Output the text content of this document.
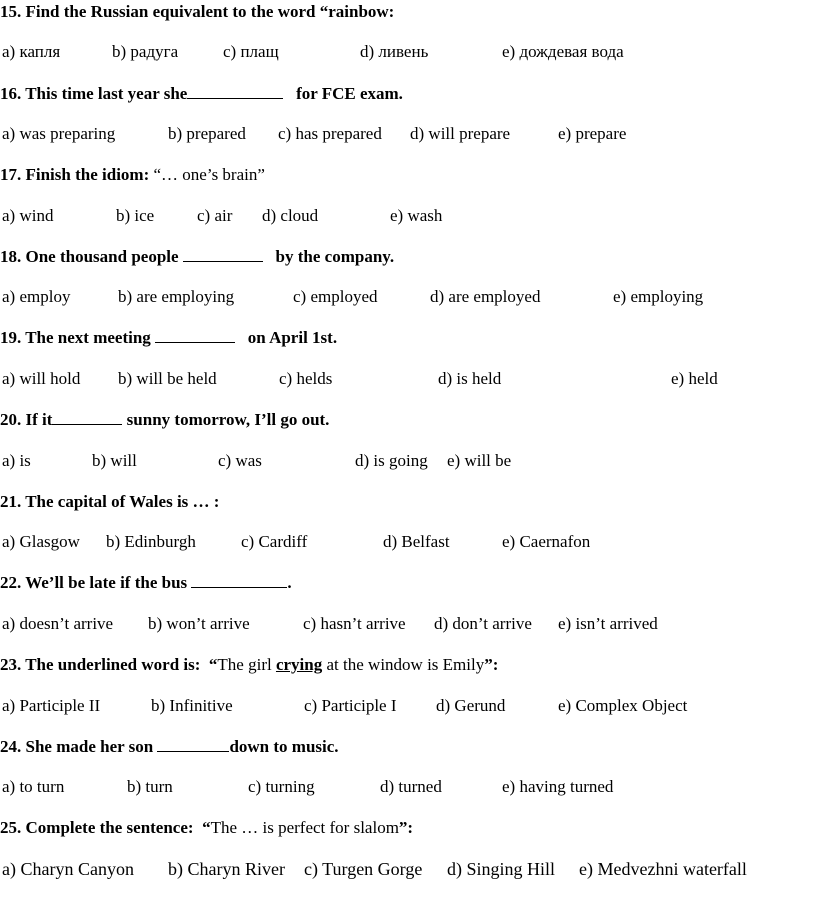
15. Find the Russian equivalent to the word “rainbow:
a) капля	b) радуга	c) плащ	d) ливень	e) дождевая вода
16. This time last year she	for FCE exam.
a) was preparing	b) prepared c) has prepared d) will prepare	e) prepare
17. Finish the idiom: “… one’s brain”
a) wind	b) ice	c) air d) cloud	e) wash
18. One thousand people	by the company.
a) employ	b) are employing	c) employed	d) are employed	e) employing
19. The next meeting	on April 1st.
a) will hold b) will be held	c) helds	d) is held	e) held
20. If it	sunny tomorrow, I’ll go out.
a) is	b) will	c) was	d) is going e) will be
21. The capital of Wales is … :
a) Glasgow b) Edinburgh	c) Cardiff	d) Belfast	e) Caernafon
22. We’ll be late if the bus	.
a) doesn’t arrive b) won’t arrive	c) hasn’t arrive d) don’t arrive e) isn’t arrived
23. The underlined word is: “The girl crying at the window is Emily”:
a) Participle II	b) Infinitive	c) Participle I d) Gerund	e) Complex Object
24. She made her son	down to music.
a) to turn	b) turn	c) turning	d) turned	e) having turned
25. Complete the sentence: “The … is perfect for slalom”:
a) Charyn Canyon b) Charyn River c) Turgen Gorge d) Singing Hill e) Medvezhni waterfall
